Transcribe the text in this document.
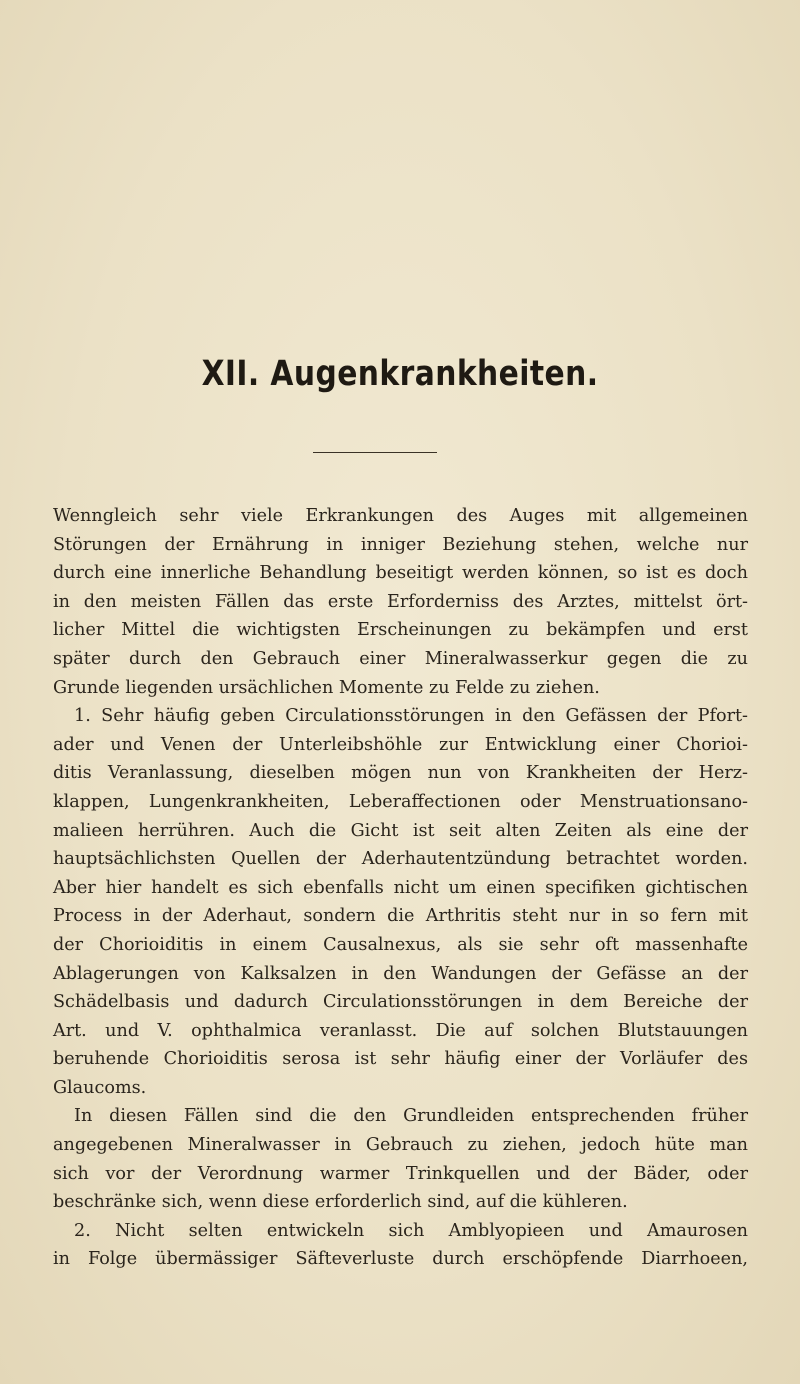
XII. Augenkrankheiten.
Wenngleich sehr viele Erkrankungen des Auges mit allgemeinen
Störungen der Ernährung in inniger Beziehung stehen, welche nur
durch eine innerliche Behandlung beseitigt werden können, so ist es doch
in den meisten Fällen das erste Erforderniss des Arztes, mittelst ört-
licher Mittel die wichtigsten Erscheinungen zu bekämpfen und erst
später durch den Gebrauch einer Mineralwasserkur gegen die zu
Grunde liegenden ursächlichen Momente zu Felde zu ziehen.
1. Sehr häufig geben Circulationsstörungen in den Gefässen der Pfort-
ader und Venen der Unterleibshöhle zur Entwicklung einer Chorioi-
ditis Veranlassung, dieselben mögen nun von Krankheiten der Herz-
klappen, Lungenkrankheiten, Leberaffectionen oder Menstruationsano-
malieen herrühren. Auch die Gicht ist seit alten Zeiten als eine der
hauptsächlichsten Quellen der Aderhautentzündung betrachtet worden.
Aber hier handelt es sich ebenfalls nicht um einen specifiken gichtischen
Process in der Aderhaut, sondern die Arthritis steht nur in so fern mit
der Chorioiditis in einem Causalnexus, als sie sehr oft massenhafte
Ablagerungen von Kalksalzen in den Wandungen der Gefässe an der
Schädelbasis und dadurch Circulationsstörungen in dem Bereiche der
Art. und V. ophthalmica veranlasst. Die auf solchen Blutstauungen
beruhende Chorioiditis serosa ist sehr häufig einer der Vorläufer des
Glaucoms.
In diesen Fällen sind die den Grundleiden entsprechenden früher
angegebenen Mineralwasser in Gebrauch zu ziehen, jedoch hüte man
sich vor der Verordnung warmer Trinkquellen und der Bäder, oder
beschränke sich, wenn diese erforderlich sind, auf die kühleren.
2. Nicht selten entwickeln sich Amblyopieen und Amaurosen
in Folge übermässiger Säfteverluste durch erschöpfende Diarrhoeen,
